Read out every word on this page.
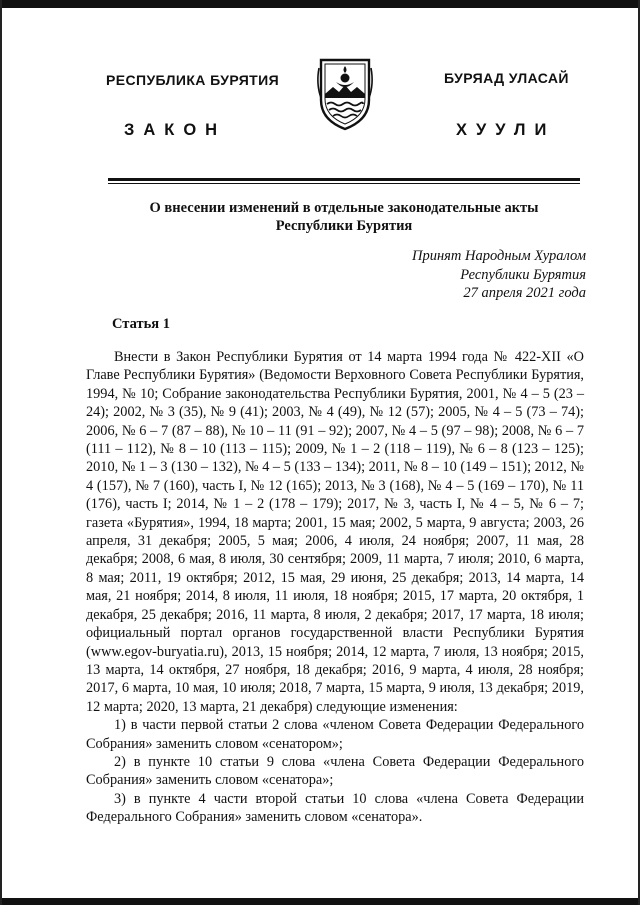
РЕСПУБЛИКА БУРЯТИЯ	БУРЯАД УЛАСАЙ
ЗАКОН	ХУУЛИ
О внесении изменений в отдельные законодательные акты
Республики Бурятия
Принят Народным Хуралом
Республики Бурятия
27 апреля 2021 года
Статья 1

Внести в Закон Республики Бурятия от 14 марта 1994 года № 422-XII «О Главе Республики Бурятия» (Ведомости Верховного Совета Республики Бурятия, 1994, № 10; Собрание законодательства Республики Бурятия, 2001, № 4 – 5 (23 – 24); 2002, № 3 (35), № 9 (41); 2003, № 4 (49), № 12 (57); 2005, № 4 – 5 (73 – 74); 2006, № 6 – 7 (87 – 88), № 10 – 11 (91 – 92); 2007, № 4 – 5 (97 – 98); 2008, № 6 – 7 (111 – 112), № 8 – 10 (113 – 115); 2009, № 1 – 2 (118 – 119), № 6 – 8 (123 – 125); 2010, № 1 – 3 (130 – 132), № 4 – 5 (133 – 134); 2011, № 8 – 10 (149 – 151); 2012, № 4 (157), № 7 (160), часть I, № 12 (165); 2013, № 3 (168), № 4 – 5 (169 – 170), № 11 (176), часть I; 2014, № 1 – 2 (178 – 179); 2017, № 3, часть I, № 4 – 5, № 6 – 7; газета «Бурятия», 1994, 18 марта; 2001, 15 мая; 2002, 5 марта, 9 августа; 2003, 26 апреля, 31 декабря; 2005, 5 мая; 2006, 4 июля, 24 ноября; 2007, 11 мая, 28 декабря; 2008, 6 мая, 8 июля, 30 сентября; 2009, 11 марта, 7 июля; 2010, 6 марта, 8 мая; 2011, 19 октября; 2012, 15 мая, 29 июня, 25 декабря; 2013, 14 марта, 14 мая, 21 ноября; 2014, 8 июля, 11 июля, 18 ноября; 2015, 17 марта, 20 октября, 1 декабря, 25 декабря; 2016, 11 марта, 8 июля, 2 декабря; 2017, 17 марта, 18 июля; официальный портал органов государственной власти Республики Бурятия (www.egov-buryatia.ru), 2013, 15 ноября; 2014, 12 марта, 7 июля, 13 ноября; 2015, 13 марта, 14 октября, 27 ноября, 18 декабря; 2016, 9 марта, 4 июля, 28 ноября; 2017, 6 марта, 10 мая, 10 июля; 2018, 7 марта, 15 марта, 9 июля, 13 декабря; 2019, 12 марта; 2020, 13 марта, 21 декабря) следующие изменения:

1) в части первой статьи 2 слова «членом Совета Федерации Федерального Собрания» заменить словом «сенатором»;

2) в пункте 10 статьи 9 слова «члена Совета Федерации Федерального Собрания» заменить словом «сенатора»;

3) в пункте 4 части второй статьи 10 слова «члена Совета Федерации Федерального Собрания» заменить словом «сенатора».
